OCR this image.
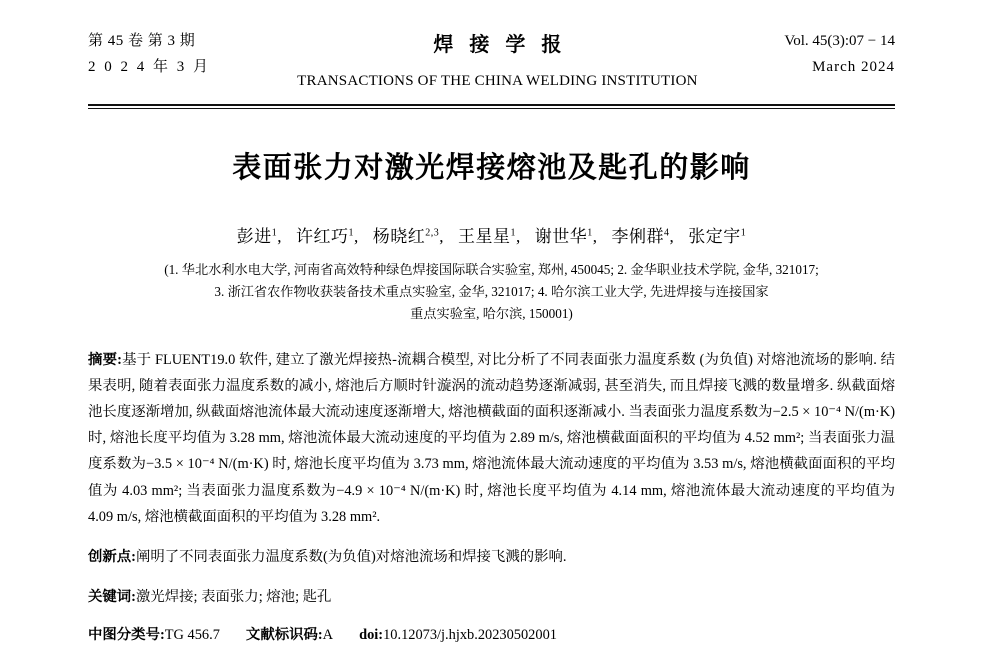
第 45 卷 第 3 期
2 0 2 4 年 3 月
焊接学报
TRANSACTIONS OF THE CHINA WELDING INSTITUTION
Vol. 45(3):07 − 14
March 2024
表面张力对激光焊接熔池及匙孔的影响
彭进$^1$,  许红巧$^1$,  杨晓红$^{2,3}$,  王星星$^1$,  谢世华$^1$,  李俐群$^4$,  张定宇$^1$
(1. 华北水利水电大学, 河南省高效特种绿色焊接国际联合实验室, 郑州, 450045; 2. 金华职业技术学院, 金华, 321017;
3. 浙江省农作物收获装备技术重点实验室, 金华, 321017; 4. 哈尔滨工业大学, 先进焊接与连接国家
重点实验室, 哈尔滨, 150001)
摘要:基于 FLUENT19.0 软件, 建立了激光焊接热-流耦合模型, 对比分析了不同表面张力温度系数 (为负值) 对熔池流场的影响. 结果表明, 随着表面张力温度系数的减小, 熔池后方顺时针漩涡的流动趋势逐渐减弱, 甚至消失, 而且焊接飞溅的数量增多. 纵截面熔池长度逐渐增加, 纵截面熔池流体最大流动速度逐渐增大, 熔池横截面的面积逐渐减小. 当表面张力温度系数为−2.5 × 10⁻⁴ N/(m·K) 时, 熔池长度平均值为 3.28 mm, 熔池流体最大流动速度的平均值为 2.89 m/s, 熔池横截面面积的平均值为 4.52 mm²; 当表面张力温度系数为−3.5 × 10⁻⁴ N/(m·K) 时, 熔池长度平均值为 3.73 mm, 熔池流体最大流动速度的平均值为 3.53 m/s, 熔池横截面面积的平均值为 4.03 mm²; 当表面张力温度系数为−4.9 × 10⁻⁴ N/(m·K) 时, 熔池长度平均值为 4.14 mm, 熔池流体最大流动速度的平均值为 4.09 m/s, 熔池横截面面积的平均值为 3.28 mm².
创新点:阐明了不同表面张力温度系数(为负值)对熔池流场和焊接飞溅的影响.
关键词:激光焊接; 表面张力; 熔池; 匙孔
中图分类号:TG 456.7 文献标识码:A doi:10.12073/j.hjxb.20230502001
